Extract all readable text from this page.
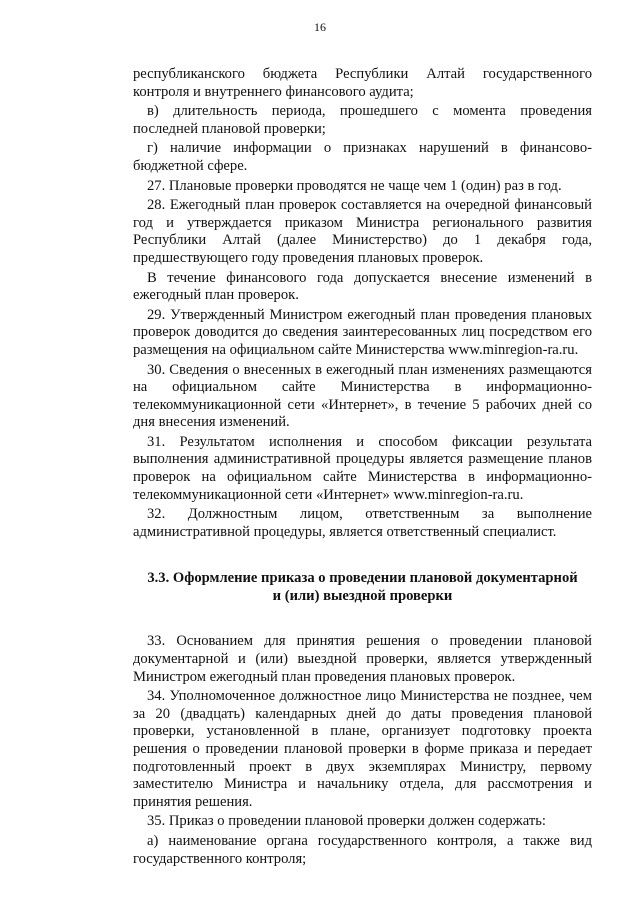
16

республиканского бюджета Республики Алтай государственного контроля и внутреннего финансового аудита;

в) длительность периода, прошедшего с момента проведения последней плановой проверки;

г) наличие информации о признаках нарушений в финансово-бюджетной сфере.

27. Плановые проверки проводятся не чаще чем 1 (один) раз в год.

28. Ежегодный план проверок составляется на очередной финансовый год и утверждается приказом Министра регионального развития Республики Алтай (далее Министерство) до 1 декабря года, предшествующего году проведения плановых проверок.

В течение финансового года допускается внесение изменений в ежегодный план проверок.

29. Утвержденный Министром ежегодный план проведения плановых проверок доводится до сведения заинтересованных лиц посредством его размещения на официальном сайте Министерства www.minregion-ra.ru.

30. Сведения о внесенных в ежегодный план изменениях размещаются на официальном сайте Министерства в информационно-телекоммуникационной сети «Интернет», в течение 5 рабочих дней со дня внесения изменений.

31. Результатом исполнения и способом фиксации результата выполнения административной процедуры является размещение планов проверок на официальном сайте Министерства в информационно-телекоммуникационной сети «Интернет» www.minregion-ra.ru.

32. Должностным лицом, ответственным за выполнение административной процедуры, является ответственный специалист.

3.3. Оформление приказа о проведении плановой документарной
и (или) выездной проверки

33. Основанием для принятия решения о проведении плановой документарной и (или) выездной проверки, является утвержденный Министром ежегодный план проведения плановых проверок.

34. Уполномоченное должностное лицо Министерства не позднее, чем за 20 (двадцать) календарных дней до даты проведения плановой проверки, установленной в плане, организует подготовку проекта решения о проведении плановой проверки в форме приказа и передает подготовленный проект в двух экземплярах Министру, первому заместителю Министра и начальнику отдела, для рассмотрения и принятия решения.

35. Приказ о проведении плановой проверки должен содержать:

а) наименование органа государственного контроля, а также вид государственного контроля;
